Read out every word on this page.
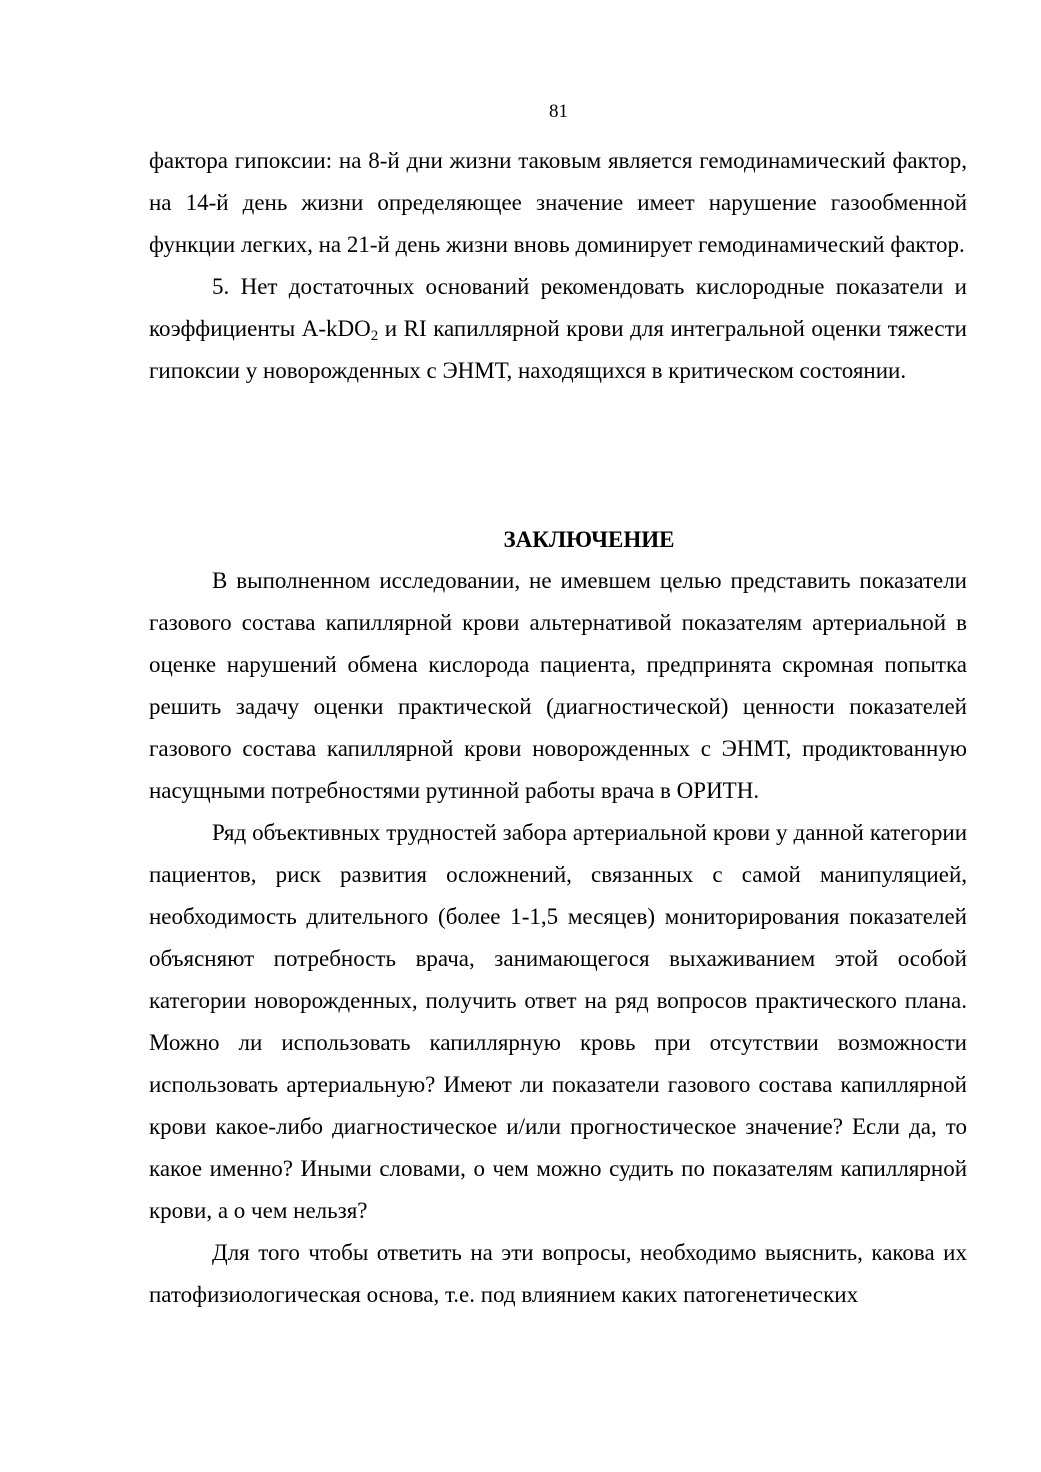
81

фактора гипоксии: на 8-й дни жизни таковым является гемодинамический фактор, на 14-й день жизни определяющее значение имеет нарушение газообменной функции легких, на 21-й день жизни вновь доминирует гемодинамический фактор.

5. Нет достаточных оснований рекомендовать кислородные показатели и коэффициенты A-kDO$_2$ и RI капиллярной крови для интегральной оценки тяжести гипоксии у новорожденных с ЭНМТ, находящихся в критическом состоянии.

ЗАКЛЮЧЕНИЕ

В выполненном исследовании, не имевшем целью представить показатели газового состава капиллярной крови альтернативой показателям артериальной в оценке нарушений обмена кислорода пациента, предпринята скромная попытка решить задачу оценки практической (диагностической) ценности показателей газового состава капиллярной крови новорожденных с ЭНМТ, продиктованную насущными потребностями рутинной работы врача в ОРИТН.

Ряд объективных трудностей забора артериальной крови у данной категории пациентов, риск развития осложнений, связанных с самой манипуляцией, необходимость длительного (более 1-1,5 месяцев) мониторирования показателей объясняют потребность врача, занимающегося выхаживанием этой особой категории новорожденных, получить ответ на ряд вопросов практического плана. Можно ли использовать капиллярную кровь при отсутствии возможности использовать артериальную? Имеют ли показатели газового состава капиллярной крови какое-либо диагностическое и/или прогностическое значение? Если да, то какое именно? Иными словами, о чем можно судить по показателям капиллярной крови, а о чем нельзя?

Для того чтобы ответить на эти вопросы, необходимо выяснить, какова их патофизиологическая основа, т.е. под влиянием каких патогенетических
